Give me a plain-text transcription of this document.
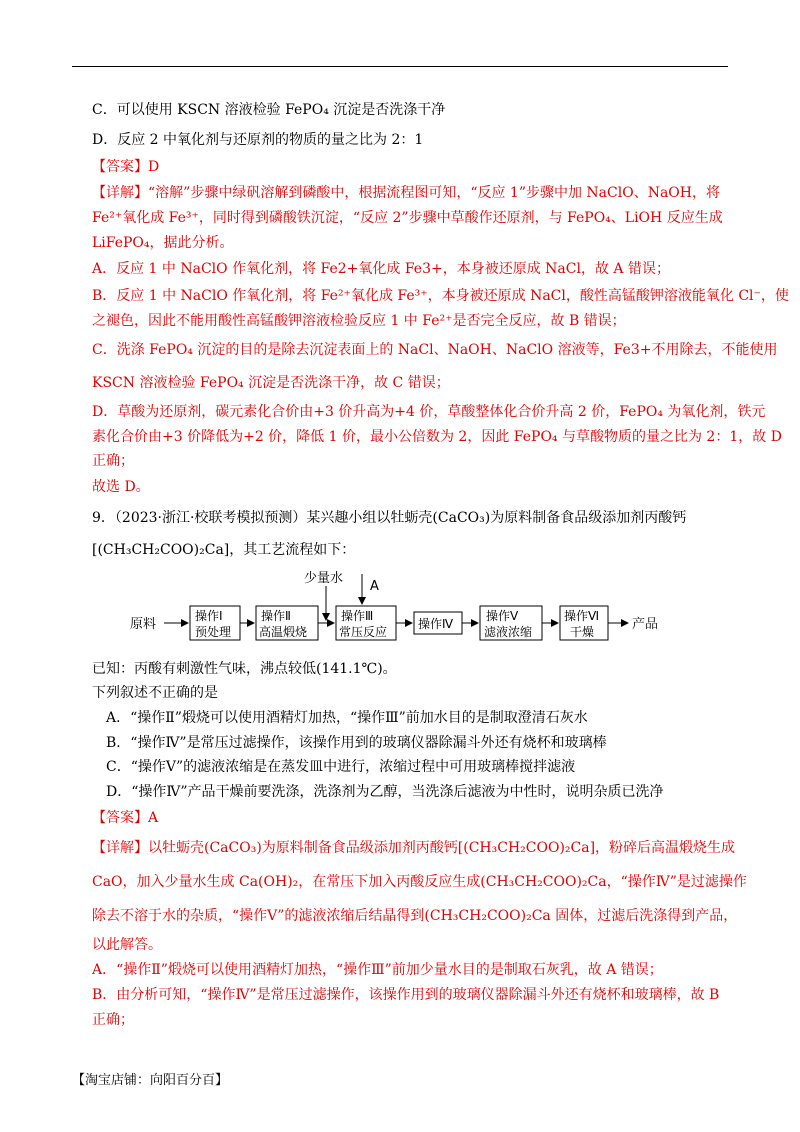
C．可以使用 KSCN 溶液检验 FePO₄ 沉淀是否洗涤干净
D．反应 2 中氧化剂与还原剂的物质的量之比为 2：1
【答案】D
【详解】“溶解”步骤中绿矾溶解到磷酸中，根据流程图可知，“反应 1”步骤中加 NaClO、NaOH，将
Fe²⁺氧化成 Fe³⁺，同时得到磷酸铁沉淀，“反应 2”步骤中草酸作还原剂，与 FePO₄、LiOH 反应生成
LiFePO₄，据此分析。
A．反应 1 中 NaClO 作氧化剂，将 Fe2+氧化成 Fe3+，本身被还原成 NaCl，故 A 错误；
B．反应 1 中 NaClO 作氧化剂，将 Fe²⁺氧化成 Fe³⁺，本身被还原成 NaCl，酸性高锰酸钾溶液能氧化 Cl⁻，使
之褪色，因此不能用酸性高锰酸钾溶液检验反应 1 中 Fe²⁺是否完全反应，故 B 错误；
C．洗涤 FePO₄ 沉淀的目的是除去沉淀表面上的 NaCl、NaOH、NaClO 溶液等，Fe3+不用除去，不能使用
KSCN 溶液检验 FePO₄ 沉淀是否洗涤干净，故 C 错误；
D．草酸为还原剂，碳元素化合价由+3 价升高为+4 价，草酸整体化合价升高 2 价，FePO₄ 为氧化剂，铁元
素化合价由+3 价降低为+2 价，降低 1 价，最小公倍数为 2，因此 FePO₄ 与草酸物质的量之比为 2：1，故 D
正确；
故选 D。
9．（2023·浙江·校联考模拟预测）某兴趣小组以牡蛎壳(CaCO₃)为原料制备食品级添加剂丙酸钙
[(CH₃CH₂COO)₂Ca]，其工艺流程如下：
已知：丙酸有刺激性气味，沸点较低(141.1℃)。
下列叙述不正确的是
A．“操作Ⅱ”煅烧可以使用酒精灯加热，“操作Ⅲ”前加水目的是制取澄清石灰水
B．“操作Ⅳ”是常压过滤操作，该操作用到的玻璃仪器除漏斗外还有烧杯和玻璃棒
C．“操作Ⅴ”的滤液浓缩是在蒸发皿中进行，浓缩过程中可用玻璃棒搅拌滤液
D．“操作Ⅳ”产品干燥前要洗涤，洗涤剂为乙醇，当洗涤后滤液为中性时，说明杂质已洗净
【答案】A
【详解】以牡蛎壳(CaCO₃)为原料制备食品级添加剂丙酸钙[(CH₃CH₂COO)₂Ca]，粉碎后高温煅烧生成
CaO，加入少量水生成 Ca(OH)₂，在常压下加入丙酸反应生成(CH₃CH₂COO)₂Ca，“操作Ⅳ”是过滤操作
除去不溶于水的杂质，“操作Ⅴ”的滤液浓缩后结晶得到(CH₃CH₂COO)₂Ca 固体，过滤后洗涤得到产品，
以此解答。
A．“操作Ⅱ”煅烧可以使用酒精灯加热，“操作Ⅲ”前加少量水目的是制取石灰乳，故 A 错误；
B．由分析可知，“操作Ⅳ”是常压过滤操作，该操作用到的玻璃仪器除漏斗外还有烧杯和玻璃棒，故 B
正确；
原料
操作Ⅰ
预处理
操作Ⅱ
高温煅烧
少量水
A
操作Ⅲ
常压反应
操作Ⅳ
操作Ⅴ
滤液浓缩
操作Ⅵ
干燥	产品
【淘宝店铺：向阳百分百】
